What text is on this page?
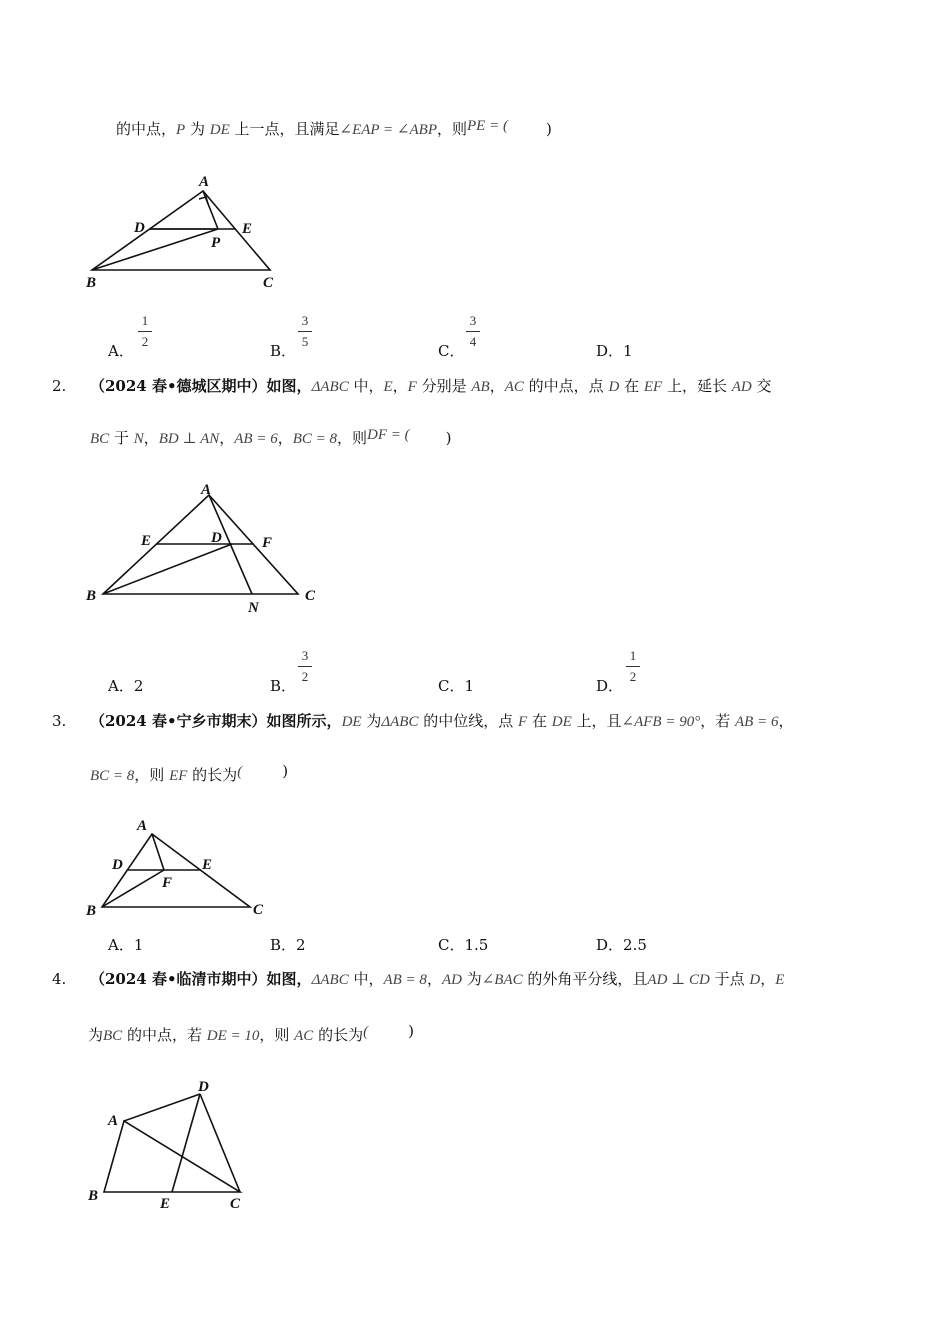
的中点，P 为 DE 上一点，且满足∠EAP = ∠ABP，则PE = (	)
A
D	E
P
B	C
A
E	D	F
B
N
C
A
D	E
F
B	C
D
A
B	E	C
A．
1
2
B．
3
5
C．
3
4
D．1
2. （2024 春•德城区期中）如图，ΔABC 中，E，F 分别是 AB，AC 的中点，点 D 在 EF 上，延长 AD 交
BC 于 N，BD ⊥ AN，AB = 6，BC = 8，则DF = ( )
A．2	B．
3
2
C．1	D．
1
2
3. （2024 春•宁乡市期末）如图所示，DE 为ΔABC 的中位线，点 F 在 DE 上，且∠AFB = 90°，若 AB = 6，
BC = 8，则 EF 的长为(	)
A．1	B．2	C．1.5	D．2.5
4. （2024 春•临清市期中）如图，ΔABC 中，AB = 8，AD 为∠BAC 的外角平分线，且AD ⊥ CD 于点 D，E
为BC 的中点，若 DE = 10，则 AC 的长为(	)
